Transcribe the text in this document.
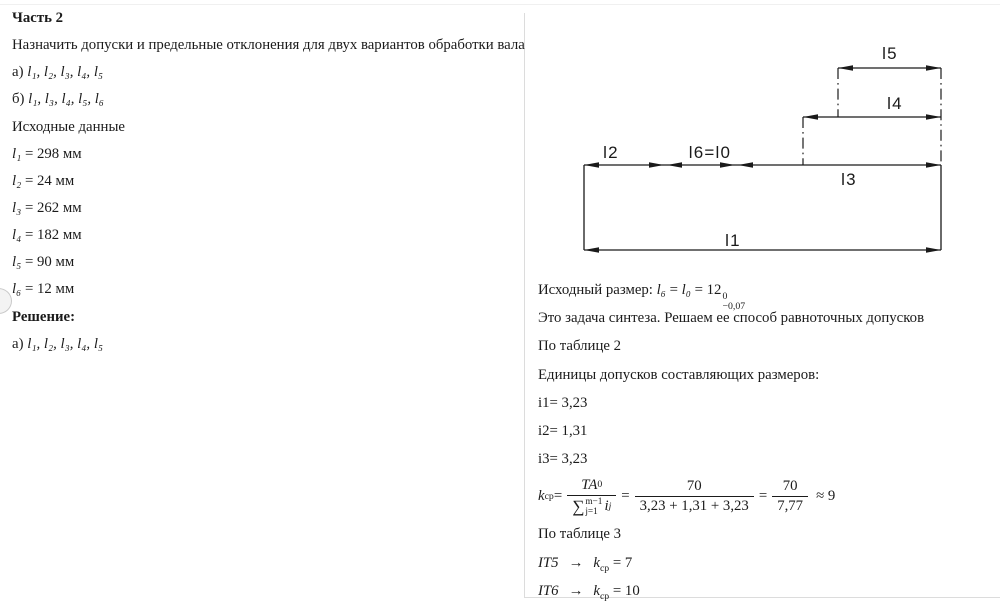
Часть 2
Назначить допуски и предельные отклонения для двух вариантов обработки вала
а) l₁, l₂, l₃, l₄, l₅
б) l₁, l₃, l₄, l₅, l₆
Исходные данные
l₁ = 298 мм
l₂ = 24 мм
l₃ = 262 мм
l₄ = 182 мм
l₅ = 90 мм
l₆ = 12 мм
Решение:
а) l₁, l₂, l₃, l₄, l₅
l5
l4
l2	l6=l0
l3
l1
Исходный размер: l₆ = l₀ = 12 0
−0,07
Это задача синтеза. Решаем ее способ равноточных допусков
По таблице 2
Единицы допусков составляющих размеров:
i1= 3,23
i2= 1,31
i3= 3,23
k ср = TA 0
∑ m−1
j=1 i $j = \frac{70}{3,23 + 1,31 + 3,23} = \frac{70}{7,77} \approx 9$
По таблице 3
$IT5 \to k_{ср} = 7$
$IT6 \to k_{ср} = 10$
